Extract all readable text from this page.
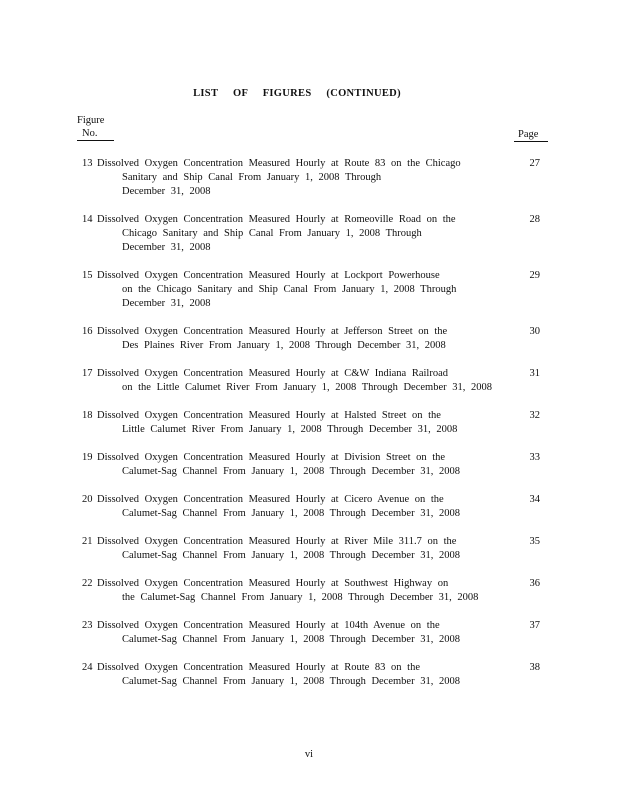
LIST OF FIGURES (CONTINUED)
Figure
No.	Page
13 Dissolved Oxygen Concentration Measured Hourly at Route 83 on the Chicago
Sanitary and Ship Canal From January 1, 2008 Through
December 31, 2008
27
14 Dissolved Oxygen Concentration Measured Hourly at Romeoville Road on the
Chicago Sanitary and Ship Canal From January 1, 2008 Through
December 31, 2008
28
15 Dissolved Oxygen Concentration Measured Hourly at Lockport Powerhouse
on the Chicago Sanitary and Ship Canal From January 1, 2008 Through
December 31, 2008
29
16 Dissolved Oxygen Concentration Measured Hourly at Jefferson Street on the
Des Plaines River From January 1, 2008 Through December 31, 2008
30
17 Dissolved Oxygen Concentration Measured Hourly at C&W Indiana Railroad
on the Little Calumet River From January 1, 2008 Through December 31, 2008
31
18 Dissolved Oxygen Concentration Measured Hourly at Halsted Street on the
Little Calumet River From January 1, 2008 Through December 31, 2008
32
19 Dissolved Oxygen Concentration Measured Hourly at Division Street on the
Calumet-Sag Channel From January 1, 2008 Through December 31, 2008
33
20 Dissolved Oxygen Concentration Measured Hourly at Cicero Avenue on the
Calumet-Sag Channel From January 1, 2008 Through December 31, 2008
34
21 Dissolved Oxygen Concentration Measured Hourly at River Mile 311.7 on the
Calumet-Sag Channel From January 1, 2008 Through December 31, 2008
35
22 Dissolved Oxygen Concentration Measured Hourly at Southwest Highway on
the Calumet-Sag Channel From January 1, 2008 Through December 31, 2008
36
23 Dissolved Oxygen Concentration Measured Hourly at 104th Avenue on the
Calumet-Sag Channel From January 1, 2008 Through December 31, 2008
37
24 Dissolved Oxygen Concentration Measured Hourly at Route 83 on the
Calumet-Sag Channel From January 1, 2008 Through December 31, 2008
38
vi
